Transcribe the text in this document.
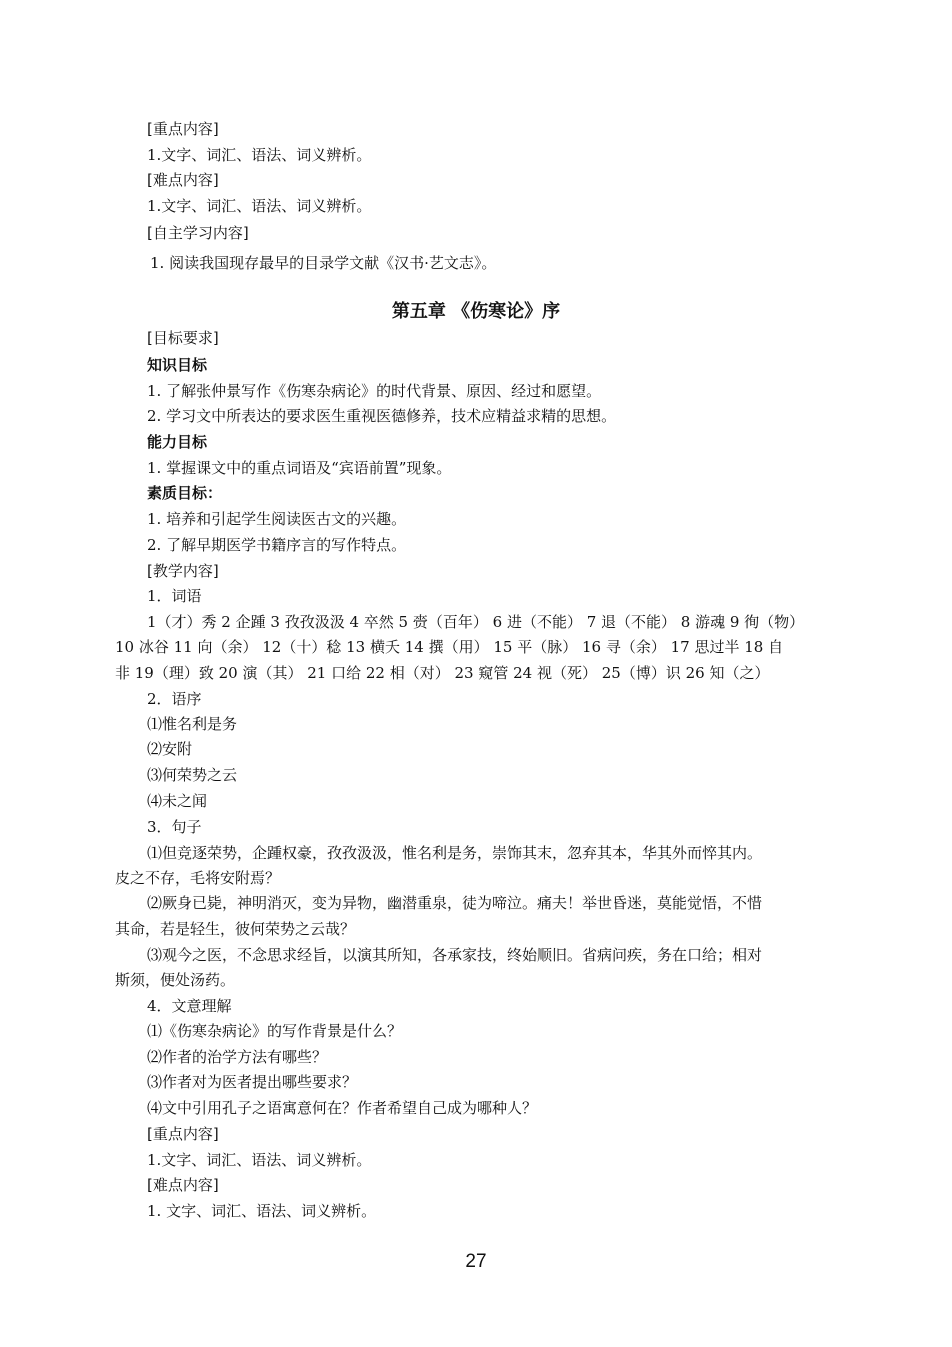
[重点内容]
1.文字、词汇、语法、词义辨析。
[难点内容]
1.文字、词汇、语法、词义辨析。
[自主学习内容]
1. 阅读我国现存最早的目录学文献《汉书·艺文志》。
第五章 《伤寒论》序
[目标要求]
知识目标
1. 了解张仲景写作《伤寒杂病论》的时代背景、原因、经过和愿望。
2. 学习文中所表达的要求医生重视医德修养，技术应精益求精的思想。
能力目标
1. 掌握课文中的重点词语及“宾语前置”现象。
素质目标：
1. 培养和引起学生阅读医古文的兴趣。
2. 了解早期医学书籍序言的写作特点。
[教学内容]
1．词语
1（才）秀 2 企踵 3 孜孜汲汲 4 卒然 5 赍（百年） 6 进（不能） 7 退（不能） 8 游魂 9 徇（物）
10 冰谷 11 向（余） 12（十）稔 13 横夭 14 撰（用） 15 平（脉） 16 寻（余） 17 思过半 18 自
非 19（理）致 20 演（其） 21 口给 22 相（对） 23 窥管 24 视（死） 25（博）识 26 知（之）
2．语序
⑴惟名利是务
⑵安附
⑶何荣势之云
⑷未之闻
3．句子
⑴但竞逐荣势，企踵权豪，孜孜汲汲，惟名利是务，崇饰其末，忽弃其本，华其外而悴其内。
皮之不存，毛将安附焉？
⑵厥身已毙，神明消灭，变为异物，幽潜重泉，徒为啼泣。痛夫！举世昏迷，莫能觉悟，不惜
其命，若是轻生，彼何荣势之云哉？
⑶观今之医，不念思求经旨，以演其所知，各承家技，终始顺旧。省病问疾，务在口给；相对
斯须，便处汤药。
4．文意理解
⑴《伤寒杂病论》的写作背景是什么？
⑵作者的治学方法有哪些？
⑶作者对为医者提出哪些要求？
⑷文中引用孔子之语寓意何在？作者希望自己成为哪种人？
[重点内容]
1.文字、词汇、语法、词义辨析。
[难点内容]
1. 文字、词汇、语法、词义辨析。
27
